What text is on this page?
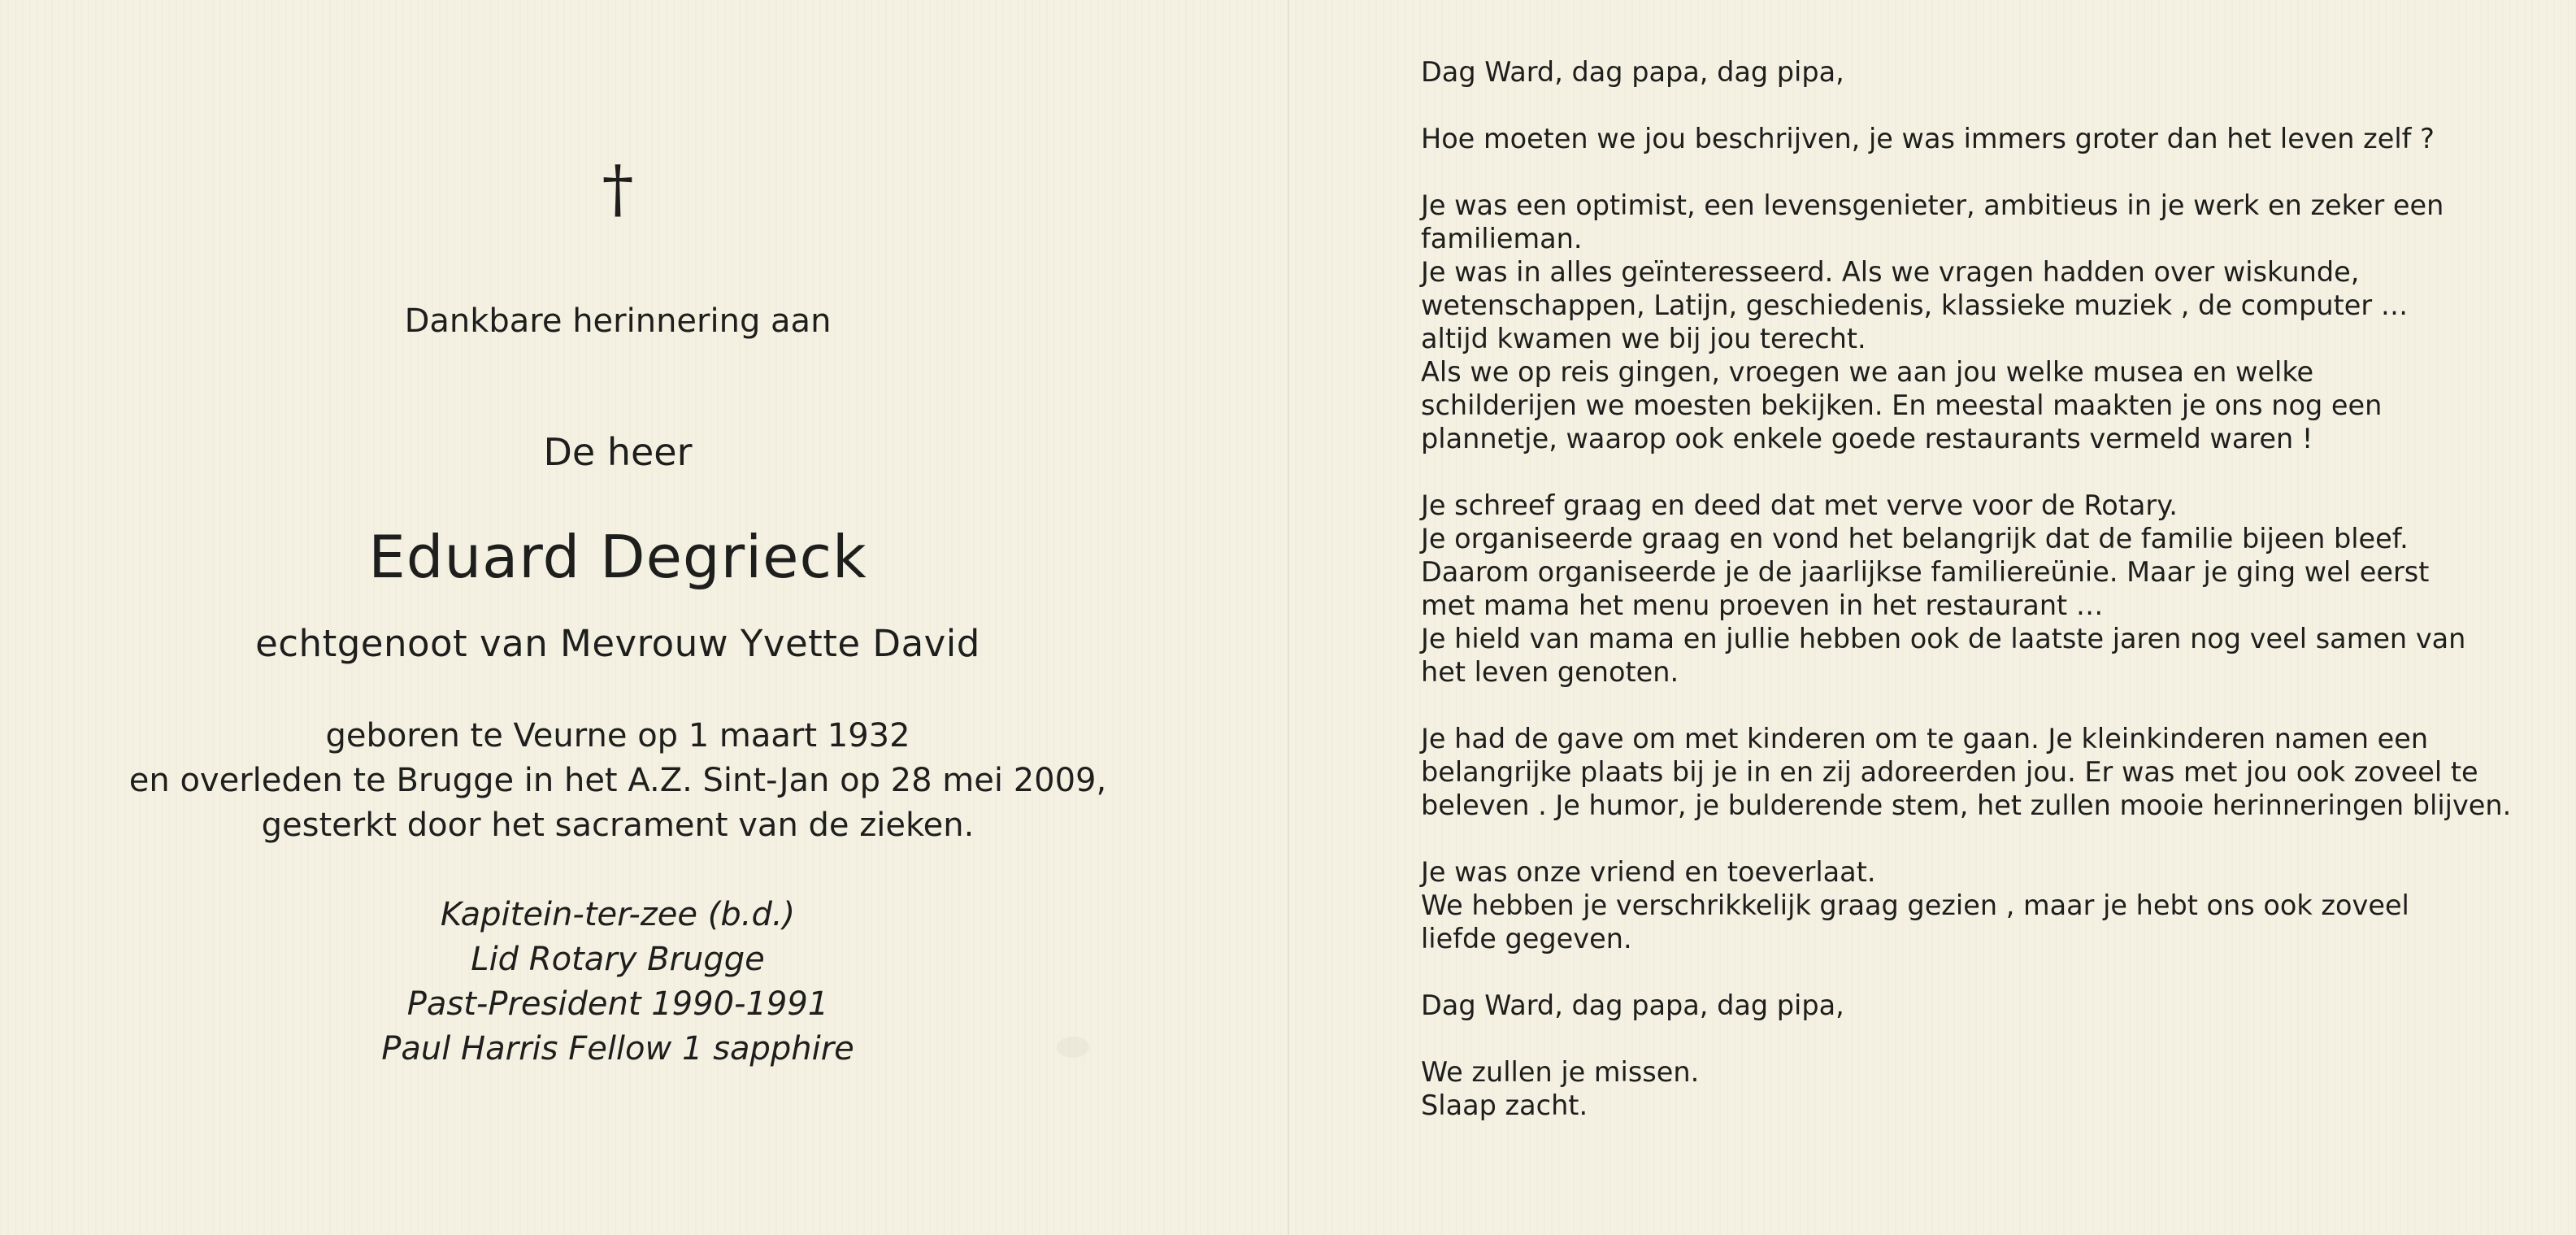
†
Dankbare herinnering aan
De heer
Eduard Degrieck
echtgenoot van Mevrouw Yvette David
geboren te Veurne op 1 maart 1932
en overleden te Brugge in het A.Z. Sint-Jan op 28 mei 2009,
gesterkt door het sacrament van de zieken.
Kapitein-ter-zee (b.d.)
Lid Rotary Brugge
Past-President 1990-1991
Paul Harris Fellow 1 sapphire
Dag Ward, dag papa, dag pipa,
Hoe moeten we jou beschrijven, je was immers groter dan het leven zelf ?
Je was een optimist, een levensgenieter, ambitieus in je werk en zeker een
familieman.
Je was in alles geïnteresseerd. Als we vragen hadden over wiskunde,
wetenschappen, Latijn, geschiedenis, klassieke muziek , de computer …
altijd kwamen we bij jou terecht.
Als we op reis gingen, vroegen we aan jou welke musea en welke
schilderijen we moesten bekijken. En meestal maakten je ons nog een
plannetje, waarop ook enkele goede restaurants vermeld waren !
Je schreef graag en deed dat met verve voor de Rotary.
Je organiseerde graag en vond het belangrijk dat de familie bijeen bleef.
Daarom organiseerde je de jaarlijkse familiereünie. Maar je ging wel eerst
met mama het menu proeven in het restaurant …
Je hield van mama en jullie hebben ook de laatste jaren nog veel samen van
het leven genoten.
Je had de gave om met kinderen om te gaan. Je kleinkinderen namen een
belangrijke plaats bij je in en zij adoreerden jou. Er was met jou ook zoveel te
beleven . Je humor, je bulderende stem, het zullen mooie herinneringen blijven.
Je was onze vriend en toeverlaat.
We hebben je verschrikkelijk graag gezien , maar je hebt ons ook zoveel
liefde gegeven.
Dag Ward, dag papa, dag pipa,
We zullen je missen.
Slaap zacht.
